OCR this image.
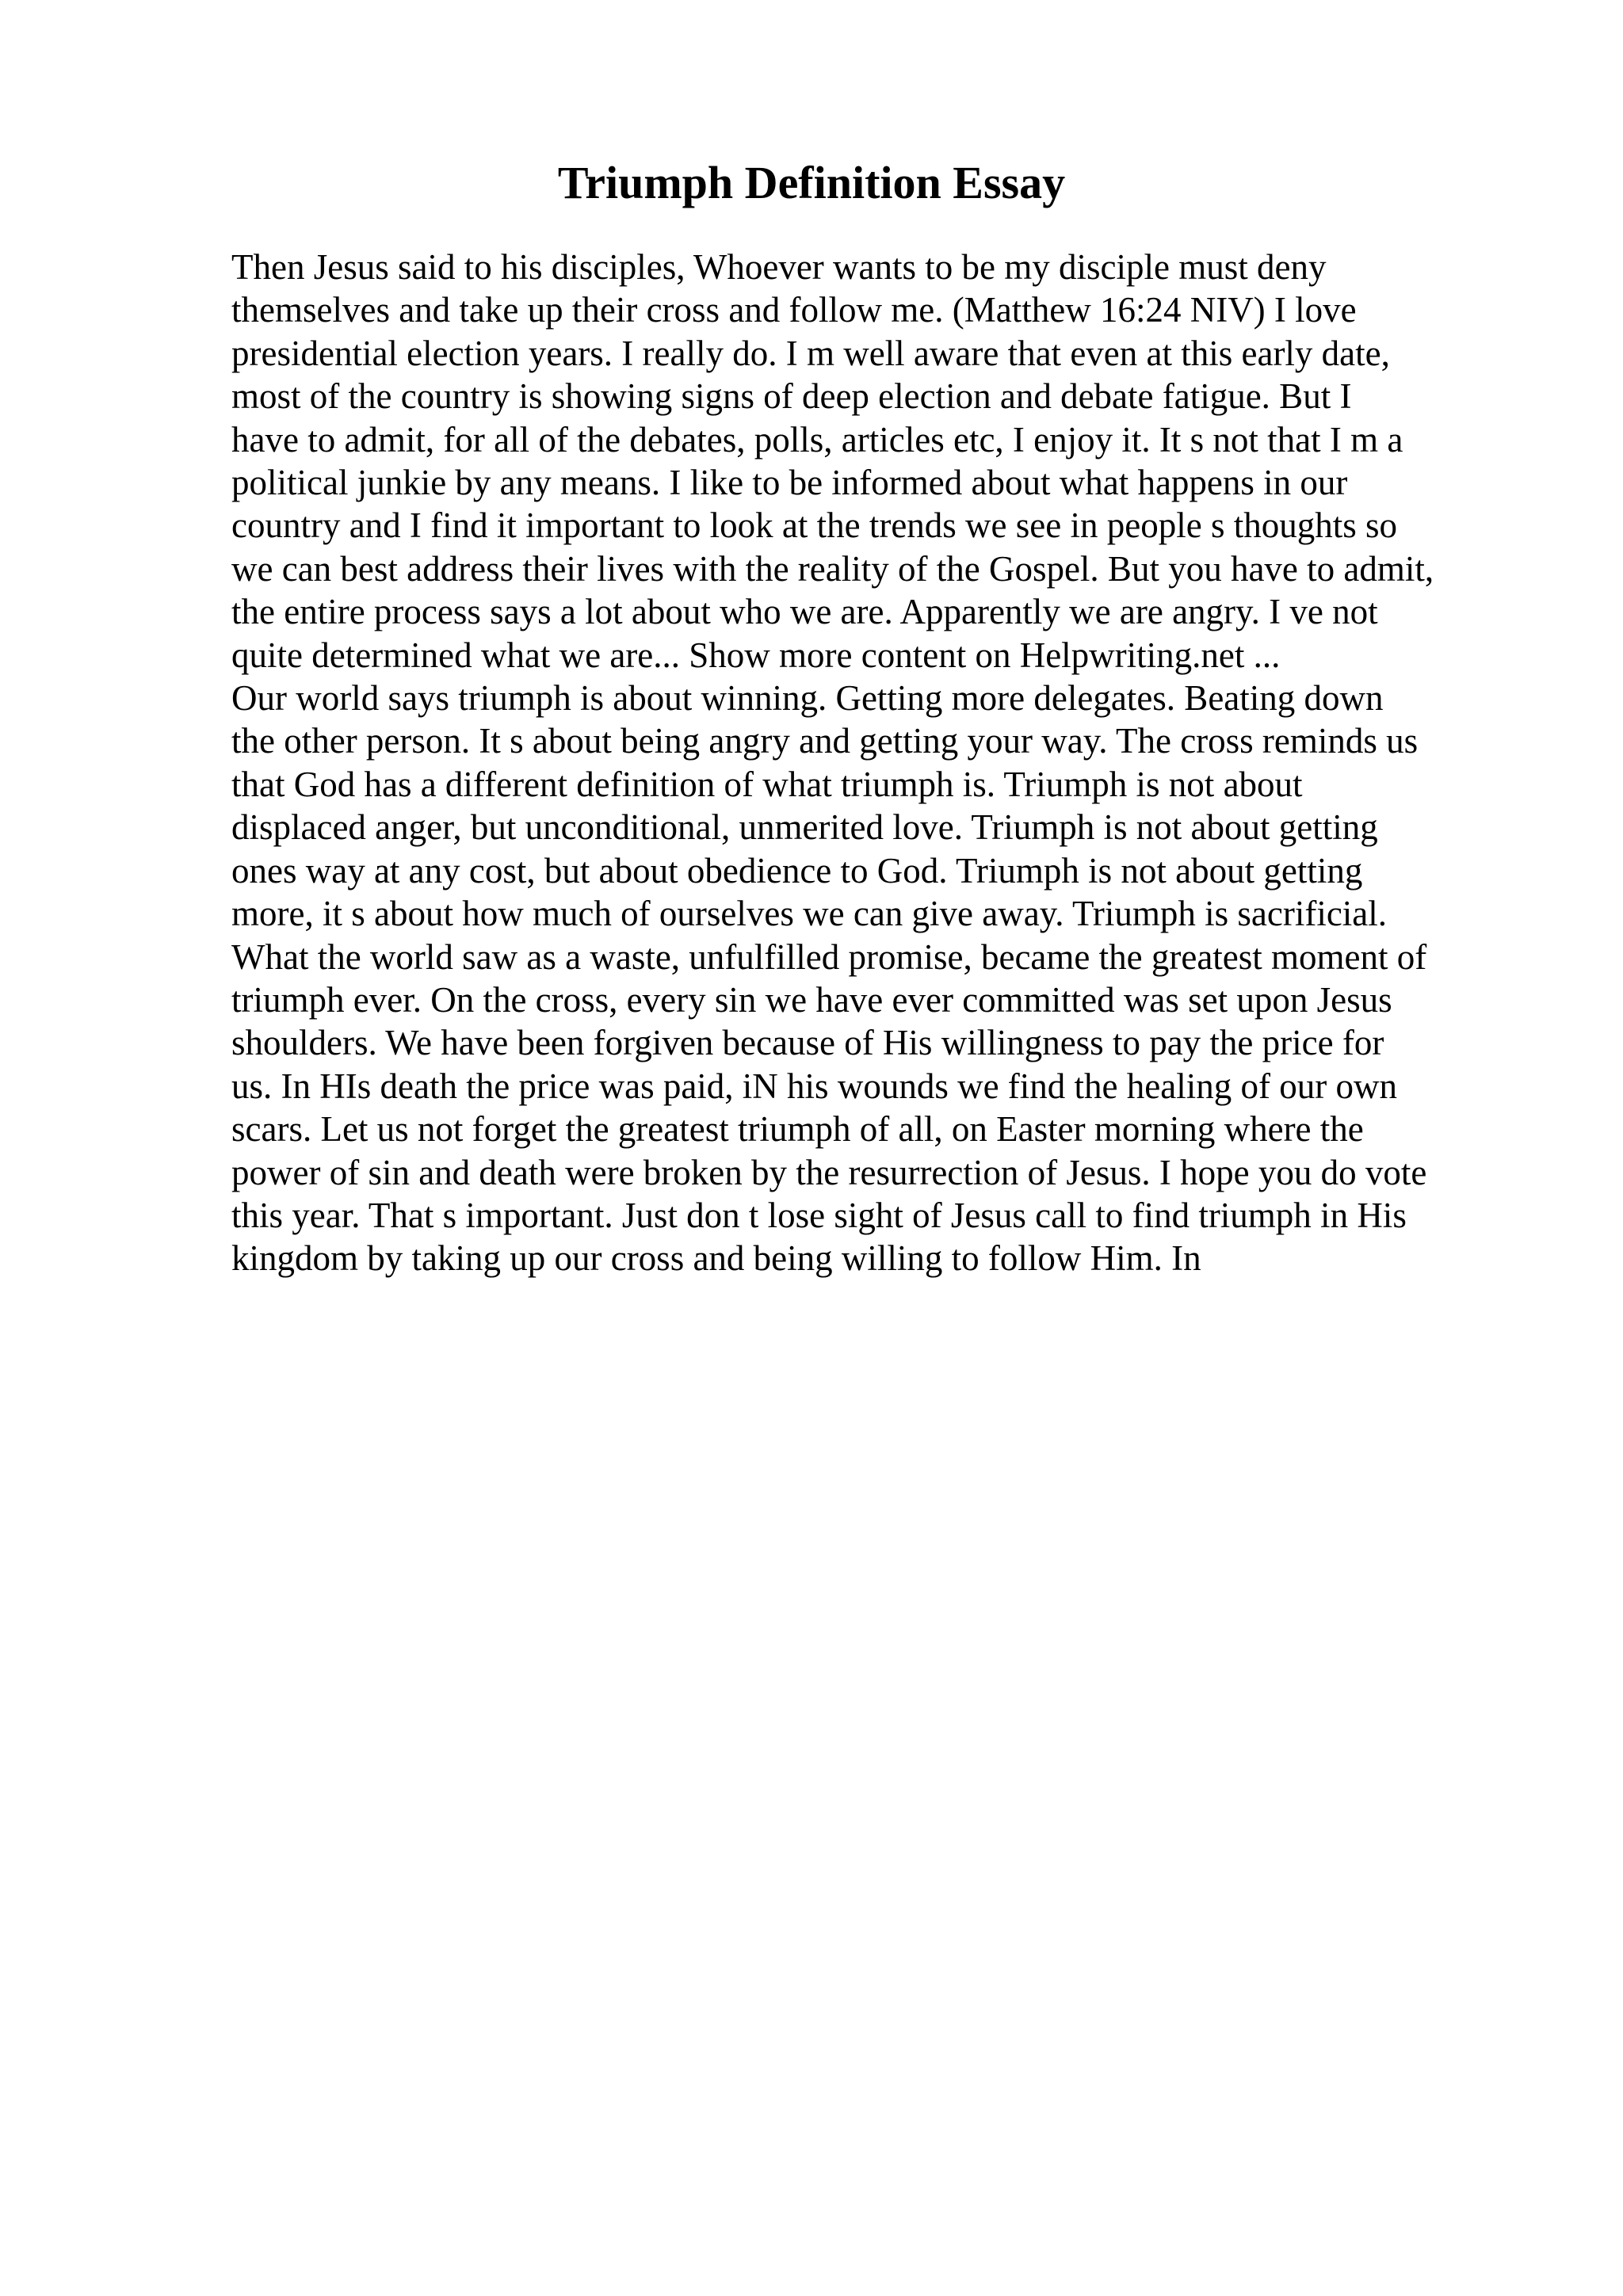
Triumph Definition Essay
Then Jesus said to his disciples, Whoever wants to be my disciple must deny
themselves and take up their cross and follow me. (Matthew 16:24 NIV) I love
presidential election years. I really do. I m well aware that even at this early date,
most of the country is showing signs of deep election and debate fatigue. But I
have to admit, for all of the debates, polls, articles etc, I enjoy it. It s not that I m a
political junkie by any means. I like to be informed about what happens in our
country and I find it important to look at the trends we see in people s thoughts so
we can best address their lives with the reality of the Gospel. But you have to admit,
the entire process says a lot about who we are. Apparently we are angry. I ve not
quite determined what we are... Show more content on Helpwriting.net ...
Our world says triumph is about winning. Getting more delegates. Beating down
the other person. It s about being angry and getting your way. The cross reminds us
that God has a different definition of what triumph is. Triumph is not about
displaced anger, but unconditional, unmerited love. Triumph is not about getting
ones way at any cost, but about obedience to God. Triumph is not about getting
more, it s about how much of ourselves we can give away. Triumph is sacrificial.
What the world saw as a waste, unfulfilled promise, became the greatest moment of
triumph ever. On the cross, every sin we have ever committed was set upon Jesus
shoulders. We have been forgiven because of His willingness to pay the price for
us. In HIs death the price was paid, iN his wounds we find the healing of our own
scars. Let us not forget the greatest triumph of all, on Easter morning where the
power of sin and death were broken by the resurrection of Jesus. I hope you do vote
this year. That s important. Just don t lose sight of Jesus call to find triumph in His
kingdom by taking up our cross and being willing to follow Him. In
